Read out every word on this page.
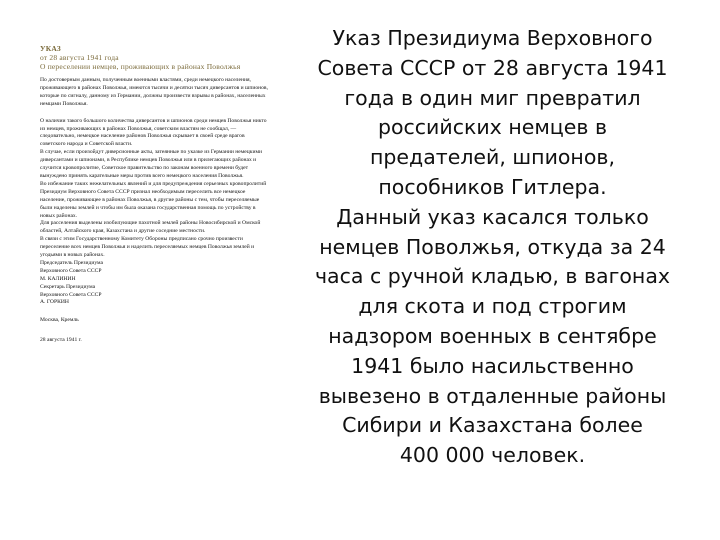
УКАЗ
от 28 августа 1941 года
О переселении немцев, проживающих в районах Поволжья

По достоверным данным, полученным военными властями, среди немецкого населения, проживающего в районах Поволжья, имеются тысячи и десятки тысяч диверсантов и шпионов, которые по сигналу, данному из Германии, должны произвести взрывы в районах, населенных немцами Поволжья.

О наличии такого большого количества диверсантов и шпионов среди немцев Поволжья никто из немцев, проживающих в районах Поволжья, советским властям не сообщал, — следовательно, немецкое население районов Поволжья скрывает в своей среде врагов советского народа и Советской власти.

В случае, если произойдут диверсионные акты, затеянные по указке из Германии немецкими диверсантами и шпионами, в Республике немцев Поволжья или в прилегающих районах и случится кровопролитие, Советское правительство по законам военного времени будет вынуждено принять карательные меры против всего немецкого населения Поволжья.

Во избежание таких нежелательных явлений и для предупреждения серьезных кровопролитий Президиум Верховного Совета СССР признал необходимым переселить все немецкое население, проживающее в районах Поволжья, в другие районы с тем, чтобы переселяемые были наделены землей и чтобы им была оказана государственная помощь по устройству в новых районах.

Для расселения выделены изобилующие пахотной землей районы Новосибирской и Омской областей, Алтайского края, Казахстана и другие соседние местности.

В связи с этим Государственному Комитету Обороны предписано срочно произвести переселение всех немцев Поволжья и наделить переселяемых немцев Поволжья землей и угодьями в новых районах.

Председатель Президиума

Верховного Совета СССР

М. КАЛИНИН

Секретарь Президиума

Верховного Совета СССР

А. ГОРКИН

Москва, Кремль

28 августа 1941 г.

Указ Президиума Верховного
Совета СССР от 28 августа 1941
года в один миг превратил
российских немцев в
предателей, шпионов,
пособников Гитлера.
Данный указ касался только
немцев Поволжья, откуда за 24
часа с ручной кладью, в вагонах
для скота и под строгим
надзором военных в сентябре
1941 было насильственно
вывезено в отдаленные районы
Сибири и Казахстана более
400 000 человек.
